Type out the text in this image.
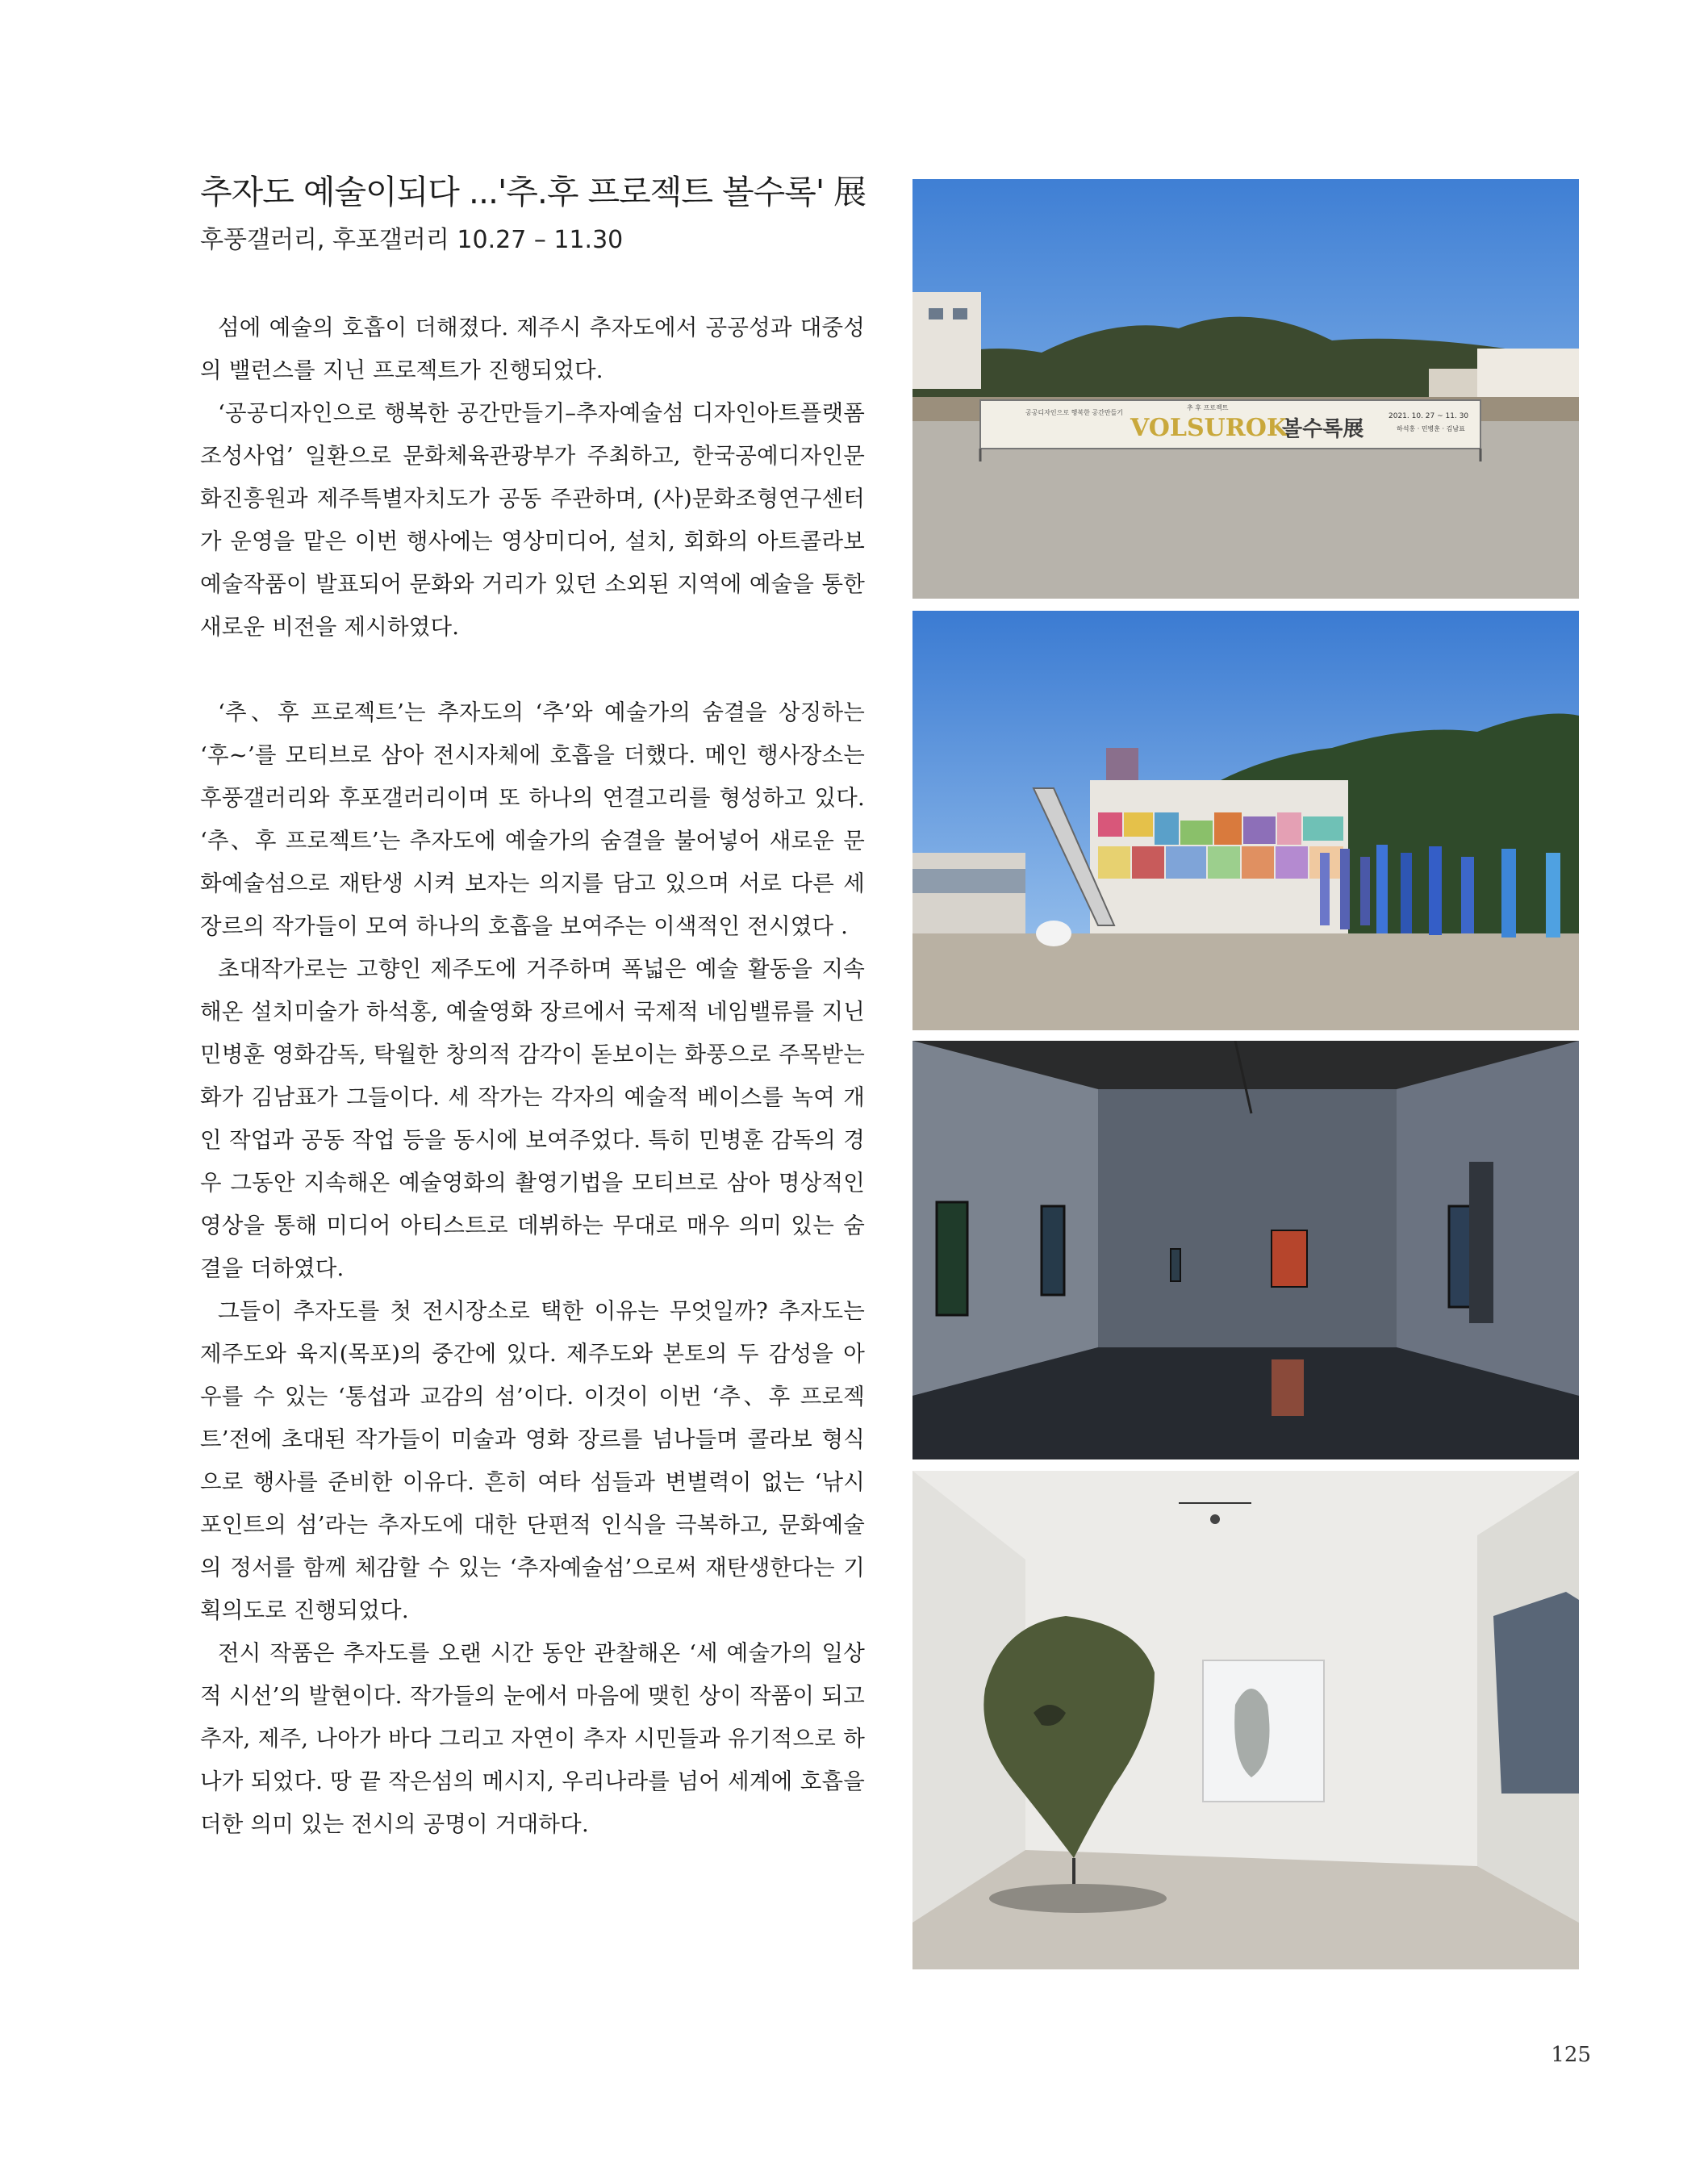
추자도 예술이되다 ...'추.후 프로젝트 볼수록' 展
후풍갤러리, 후포갤러리 10.27 – 11.30

섬에 예술의 호흡이 더해졌다. 제주시 추자도에서 공공성과 대중성의 밸런스를 지닌 프로젝트가 진행되었다.

‘공공디자인으로 행복한 공간만들기–추자예술섬 디자인아트플랫폼 조성사업’ 일환으로 문화체육관광부가 주최하고, 한국공예디자인문화진흥원과 제주특별자치도가 공동 주관하며, (사)문화조형연구센터가 운영을 맡은 이번 행사에는 영상미디어, 설치, 회화의 아트콜라보 예술작품이 발표되어 문화와 거리가 있던 소외된 지역에 예술을 통한 새로운 비전을 제시하였다.

‘추、후 프로젝트’는 추자도의 ‘추’와 예술가의 숨결을 상징하는 ‘후~’를 모티브로 삼아 전시자체에 호흡을 더했다. 메인 행사장소는 후풍갤러리와 후포갤러리이며 또 하나의 연결고리를 형성하고 있다. ‘추、후 프로젝트’는 추자도에 예술가의 숨결을 불어넣어 새로운 문화예술섬으로 재탄생 시켜 보자는 의지를 담고 있으며 서로 다른 세 장르의 작가들이 모여 하나의 호흡을 보여주는 이색적인 전시였다 .

초대작가로는 고향인 제주도에 거주하며 폭넓은 예술 활동을 지속해온 설치미술가 하석홍, 예술영화 장르에서 국제적 네임밸류를 지닌 민병훈 영화감독, 탁월한 창의적 감각이 돋보이는 화풍으로 주목받는 화가 김남표가 그들이다. 세 작가는 각자의 예술적 베이스를 녹여 개인 작업과 공동 작업 등을 동시에 보여주었다. 특히 민병훈 감독의 경우 그동안 지속해온 예술영화의 촬영기법을 모티브로 삼아 명상적인 영상을 통해 미디어 아티스트로 데뷔하는 무대로 매우 의미 있는 숨결을 더하였다.

그들이 추자도를 첫 전시장소로 택한 이유는 무엇일까? 추자도는 제주도와 육지(목포)의 중간에 있다. 제주도와 본토의 두 감성을 아우를 수 있는 ‘통섭과 교감의 섬’이다. 이것이 이번 ‘추、후 프로젝트’전에 초대된 작가들이 미술과 영화 장르를 넘나들며 콜라보 형식으로 행사를 준비한 이유다. 흔히 여타 섬들과 변별력이 없는 ‘낚시 포인트의 섬’라는 추자도에 대한 단편적 인식을 극복하고, 문화예술의 정서를 함께 체감할 수 있는 ‘추자예술섬’으로써 재탄생한다는 기획의도로 진행되었다.

전시 작품은 추자도를 오랜 시간 동안 관찰해온 ‘세 예술가의 일상적 시선’의 발현이다. 작가들의 눈에서 마음에 맺힌 상이 작품이 되고 추자, 제주, 나아가 바다 그리고 자연이 추자 시민들과 유기적으로 하나가 되었다. 땅 끝 작은섬의 메시지, 우리나라를 넘어 세계에 호흡을 더한 의미 있는 전시의 공명이 거대하다.

공공디자인으로 행복한 공간만들기
추 후 프로젝트
VOLSUROK
볼수록展
2021. 10. 27 ~ 11. 30
하석홍 · 민병훈 · 김남표
125
